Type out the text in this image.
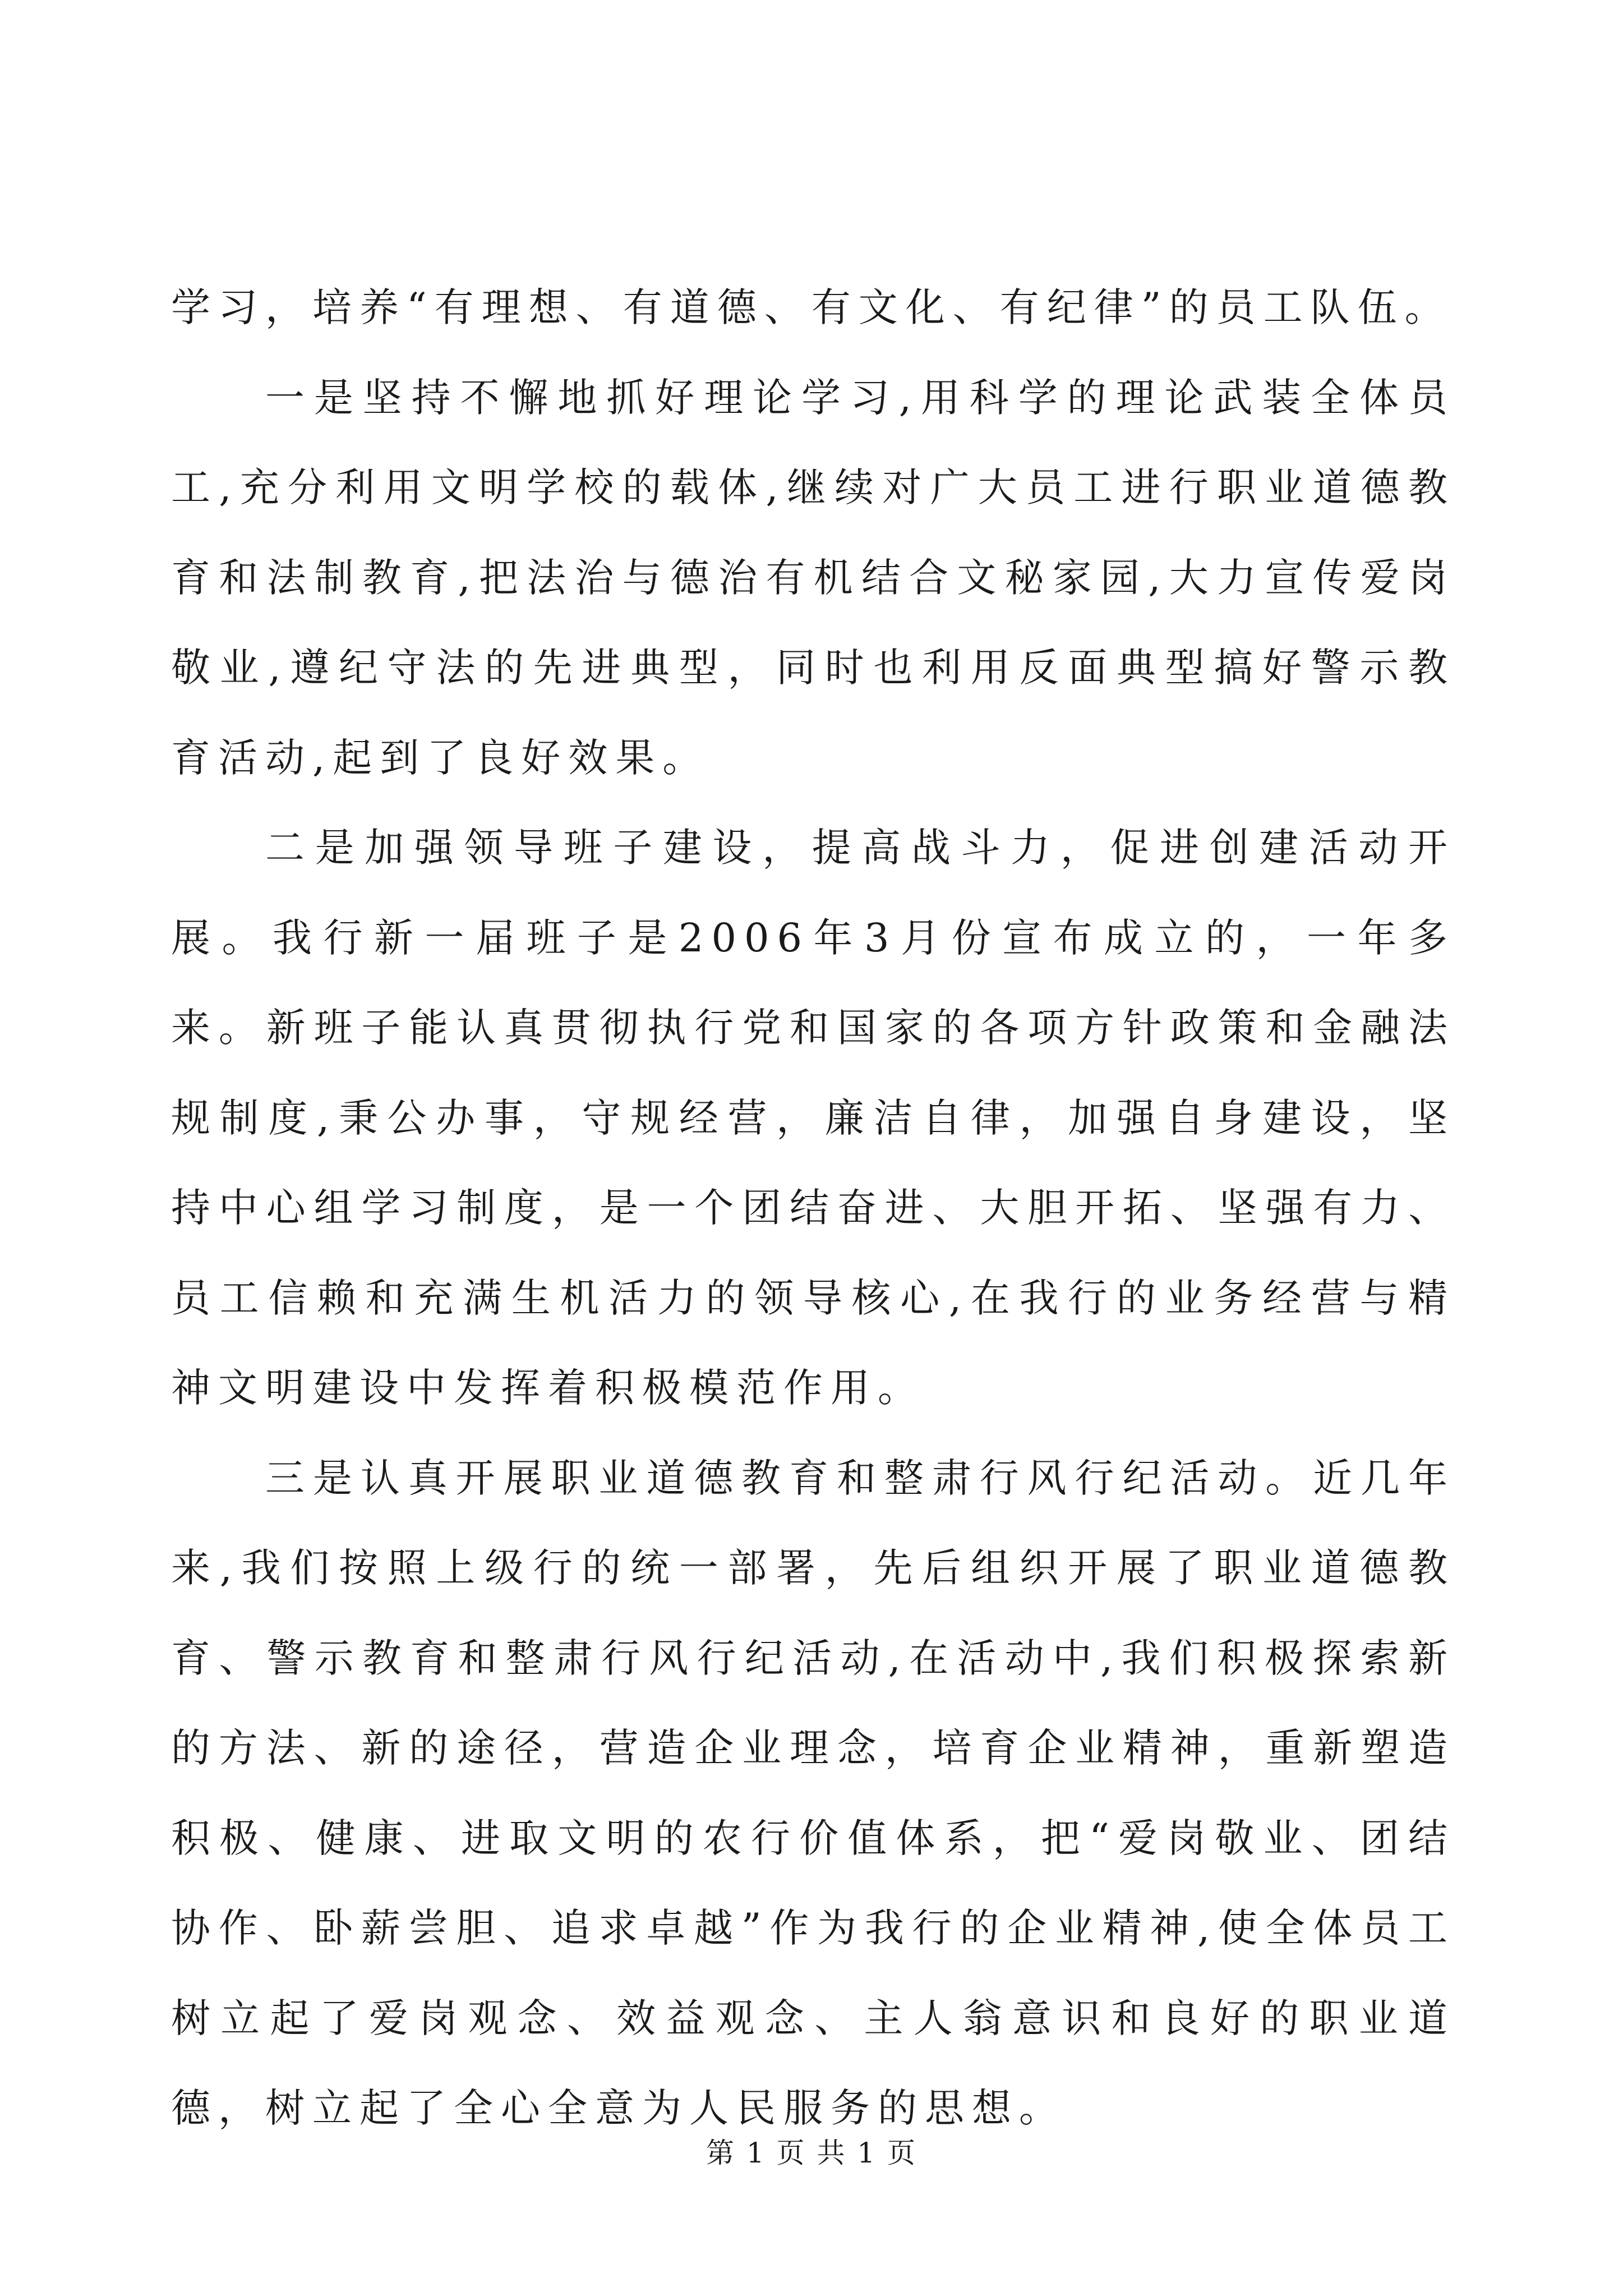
学习，培养“有理想、有道德、有文化、有纪律”的员工队伍。

一是坚持不懈地抓好理论学习,用科学的理论武装全体员工,充分利用文明学校的载体,继续对广大员工进行职业道德教育和法制教育,把法治与德治有机结合文秘家园,大力宣传爱岗敬业,遵纪守法的先进典型，同时也利用反面典型搞好警示教育活动,起到了良好效果。

二是加强领导班子建设，提高战斗力，促进创建活动开展。我行新一届班子是2006年3月份宣布成立的，一年多来。新班子能认真贯彻执行党和国家的各项方针政策和金融法规制度,秉公办事，守规经营，廉洁自律，加强自身建设，坚持中心组学习制度，是一个团结奋进、大胆开拓、坚强有力、员工信赖和充满生机活力的领导核心,在我行的业务经营与精神文明建设中发挥着积极模范作用。

三是认真开展职业道德教育和整肃行风行纪活动。近几年来,我们按照上级行的统一部署，先后组织开展了职业道德教育、警示教育和整肃行风行纪活动,在活动中,我们积极探索新的方法、新的途径，营造企业理念，培育企业精神，重新塑造积极、健康、进取文明的农行价值体系，把“爱岗敬业、团结协作、卧薪尝胆、追求卓越”作为我行的企业精神,使全体员工树立起了爱岗观念、效益观念、主人翁意识和良好的职业道德，树立起了全心全意为人民服务的思想。

第 1 页 共 1 页
